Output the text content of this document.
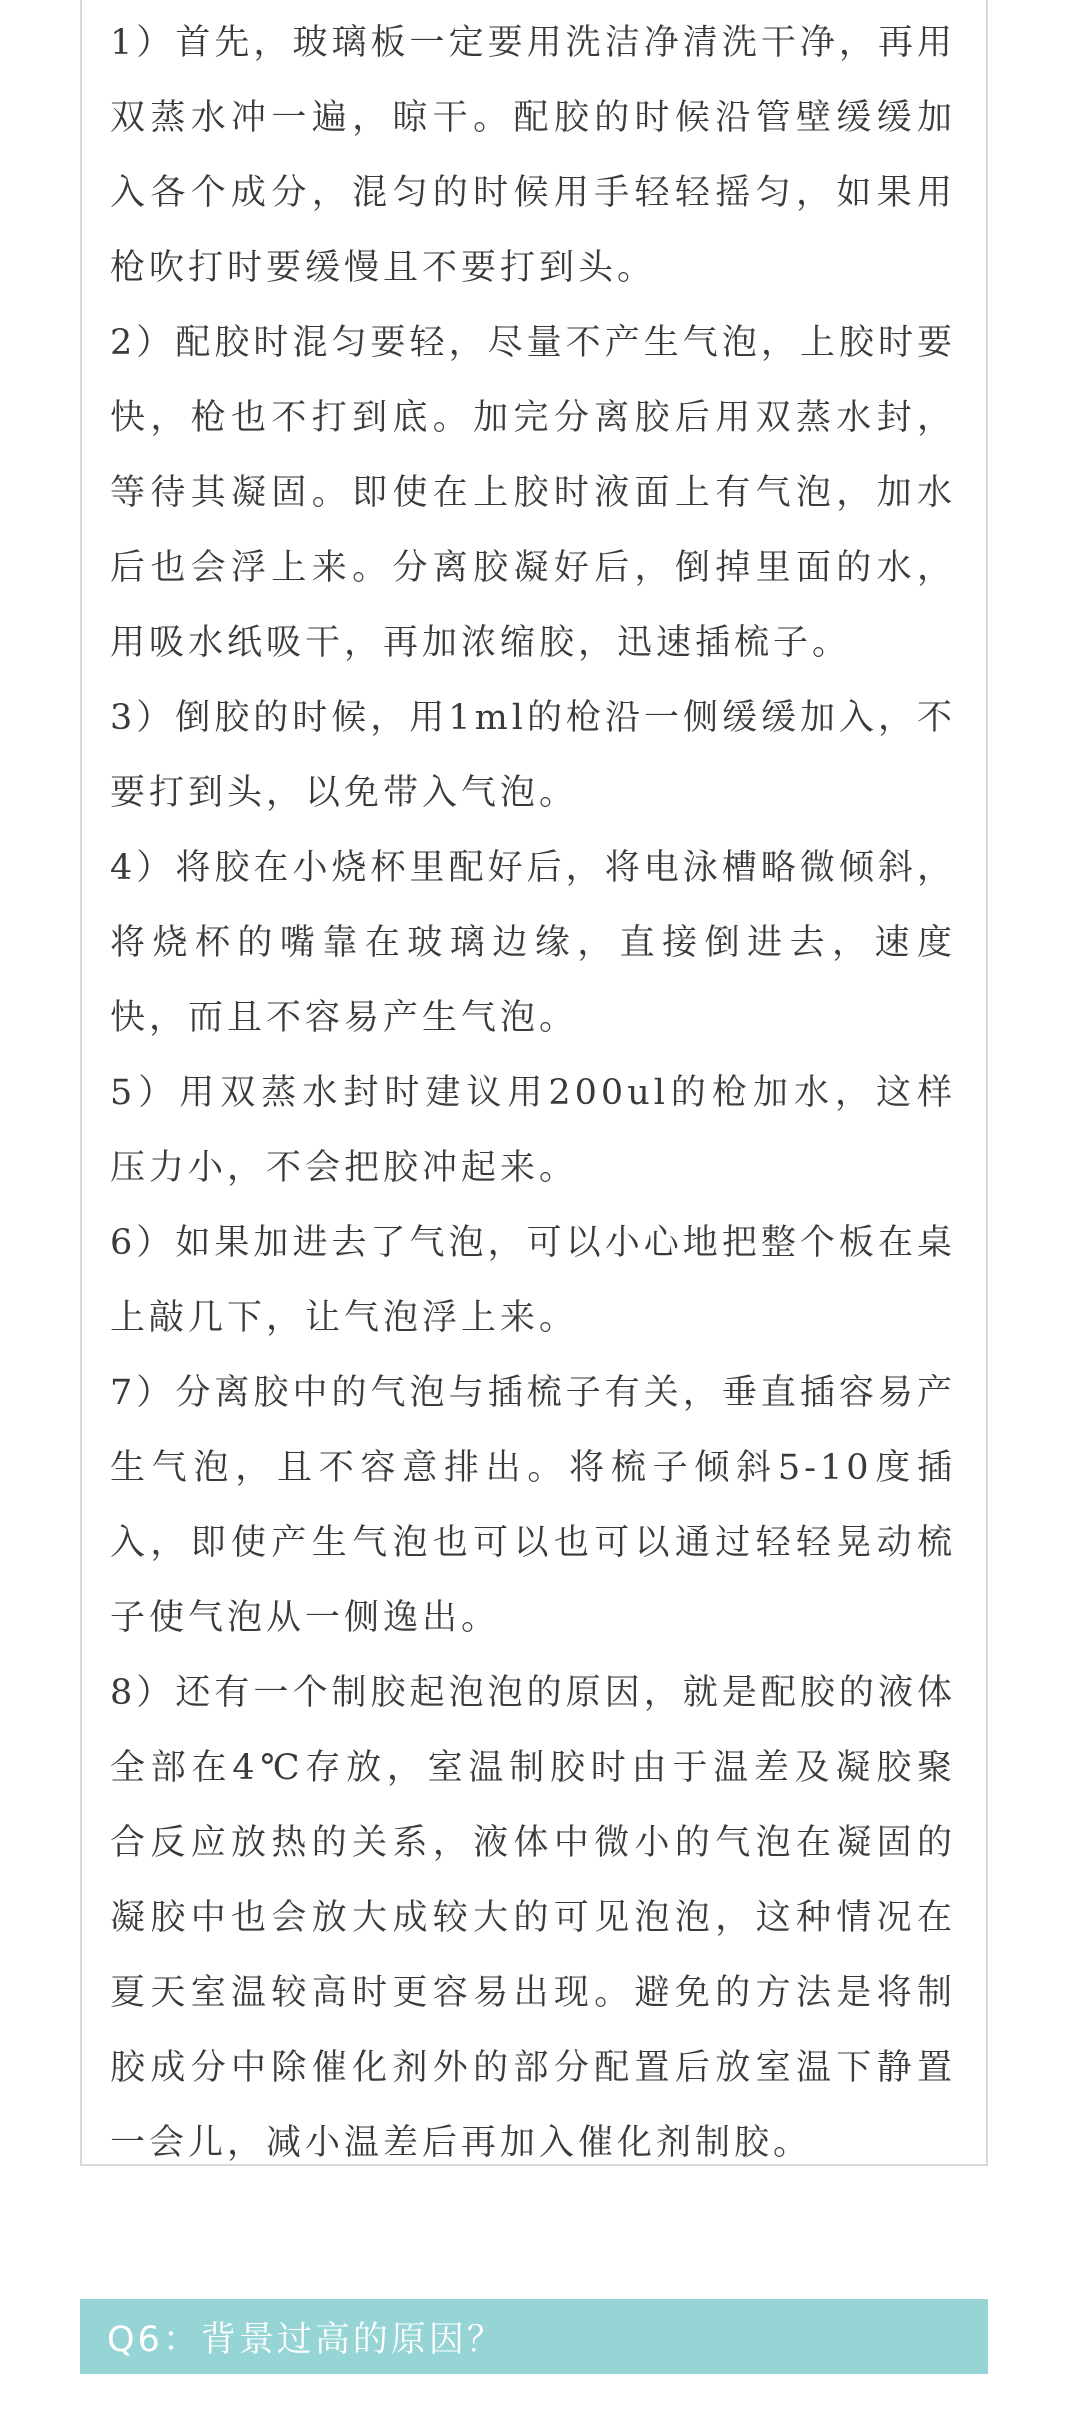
1）首先，玻璃板一定要用洗洁净清洗干净，再用双蒸水冲一遍，晾干。配胶的时候沿管壁缓缓加入各个成分，混匀的时候用手轻轻摇匀，如果用枪吹打时要缓慢且不要打到头。

2）配胶时混匀要轻，尽量不产生气泡，上胶时要快，枪也不打到底。加完分离胶后用双蒸水封，等待其凝固。即使在上胶时液面上有气泡，加水后也会浮上来。分离胶凝好后，倒掉里面的水，用吸水纸吸干，再加浓缩胶，迅速插梳子。

3）倒胶的时候，用1ml的枪沿一侧缓缓加入，不要打到头，以免带入气泡。

4）将胶在小烧杯里配好后，将电泳槽略微倾斜，将烧杯的嘴靠在玻璃边缘，直接倒进去，速度快，而且不容易产生气泡。

5）用双蒸水封时建议用200ul的枪加水，这样压力小，不会把胶冲起来。

6）如果加进去了气泡，可以小心地把整个板在桌上敲几下，让气泡浮上来。

7）分离胶中的气泡与插梳子有关，垂直插容易产生气泡，且不容意排出。将梳子倾斜5-10度插入，即使产生气泡也可以也可以通过轻轻晃动梳子使气泡从一侧逸出。

8）还有一个制胶起泡泡的原因，就是配胶的液体全部在4℃存放，室温制胶时由于温差及凝胶聚合反应放热的关系，液体中微小的气泡在凝固的凝胶中也会放大成较大的可见泡泡，这种情况在夏天室温较高时更容易出现。避免的方法是将制胶成分中除催化剂外的部分配置后放室温下静置一会儿，减小温差后再加入催化剂制胶。

Q6：背景过高的原因？
